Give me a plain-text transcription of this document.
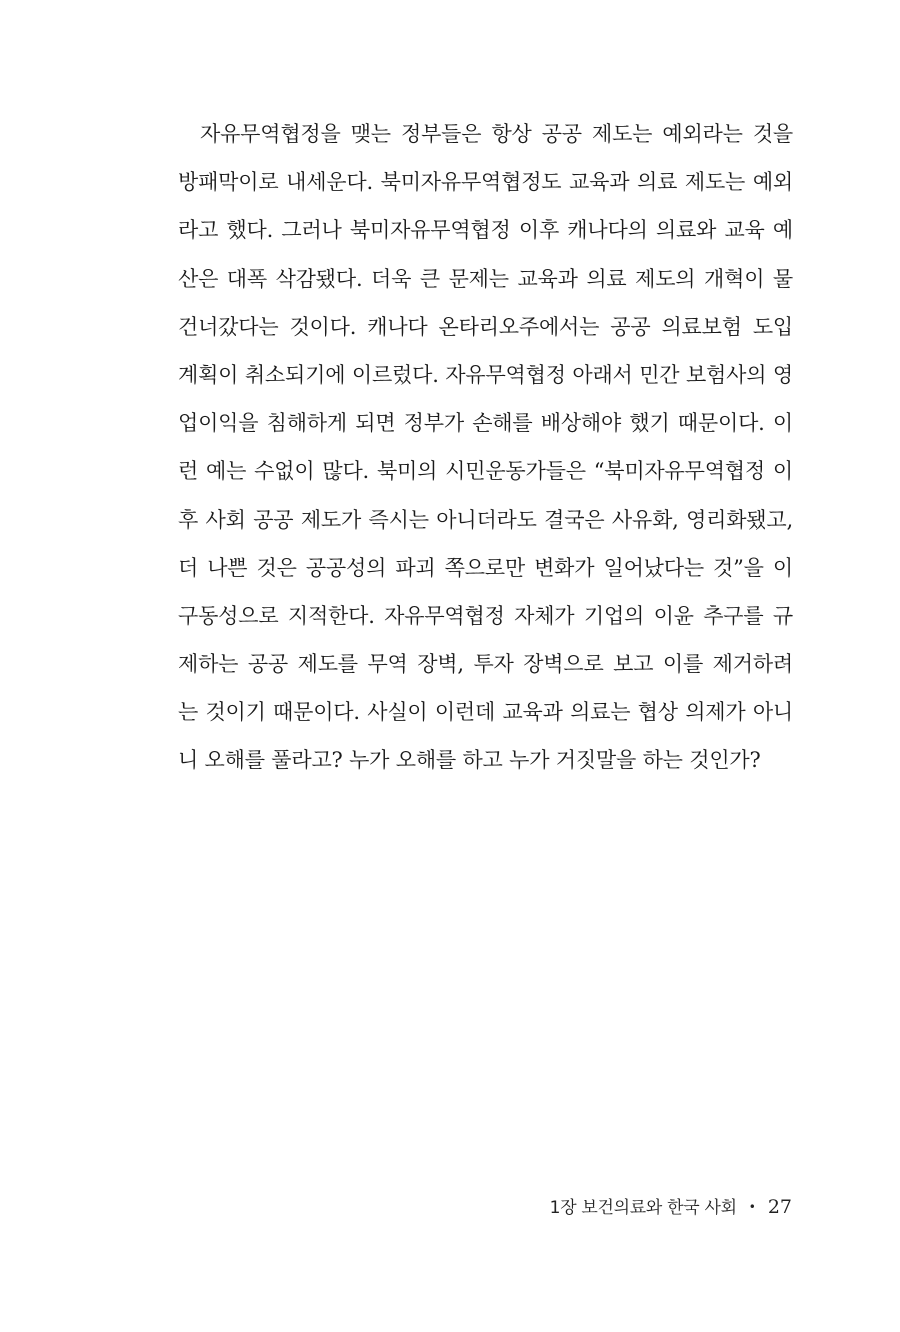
자유무역협정을 맺는 정부들은 항상 공공 제도는 예외라는 것을
방패막이로 내세운다. 북미자유무역협정도 교육과 의료 제도는 예외
라고 했다. 그러나 북미자유무역협정 이후 캐나다의 의료와 교육 예
산은 대폭 삭감됐다. 더욱 큰 문제는 교육과 의료 제도의 개혁이 물
건너갔다는 것이다. 캐나다 온타리오주에서는 공공 의료보험 도입
계획이 취소되기에 이르렀다. 자유무역협정 아래서 민간 보험사의 영
업이익을 침해하게 되면 정부가 손해를 배상해야 했기 때문이다. 이
런 예는 수없이 많다. 북미의 시민운동가들은 “북미자유무역협정 이
후 사회 공공 제도가 즉시는 아니더라도 결국은 사유화, 영리화됐고,
더 나쁜 것은 공공성의 파괴 쪽으로만 변화가 일어났다는 것”을 이
구동성으로 지적한다. 자유무역협정 자체가 기업의 이윤 추구를 규
제하는 공공 제도를 무역 장벽, 투자 장벽으로 보고 이를 제거하려
는 것이기 때문이다. 사실이 이런데 교육과 의료는 협상 의제가 아니
니 오해를 풀라고? 누가 오해를 하고 누가 거짓말을 하는 것인가?
1장 보건의료와 한국 사회 • 27
